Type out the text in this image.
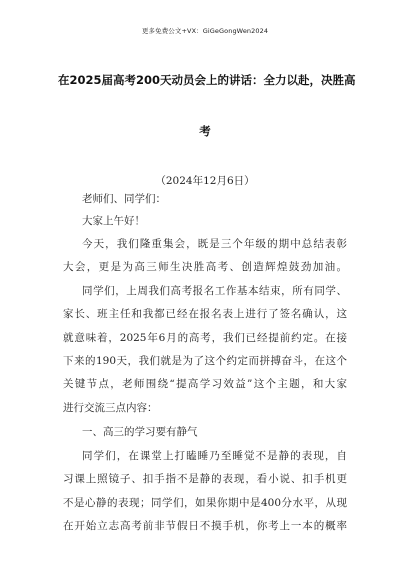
更多免费公文+VX：GiGeGongWen2024
在2025届高考200天动员会上的讲话：全力以赴，决胜高
考
（2024年12月6日）
老师们、同学们：
大家上午好！
今天，我们隆重集会，既是三个年级的期中总结表彰
大会，更是为高三师生决胜高考、创造辉煌鼓劲加油。
同学们，上周我们高考报名工作基本结束，所有同学、
家长、班主任和我都已经在报名表上进行了签名确认，这
就意味着，2025年6月的高考，我们已经提前约定。在接
下来的190天，我们就是为了这个约定而拼搏奋斗，在这个
关键节点，老师围绕“提高学习效益”这个主题，和大家
进行交流三点内容：
一、高三的学习要有静气
同学们，在课堂上打瞌睡乃至睡觉不是静的表现，自
习课上照镜子、扣手指不是静的表现，看小说、扣手机更
不是心静的表现；同学们，如果你期中是400分水平，从现
在开始立志高考前非节假日不摸手机，你考上一本的概率
